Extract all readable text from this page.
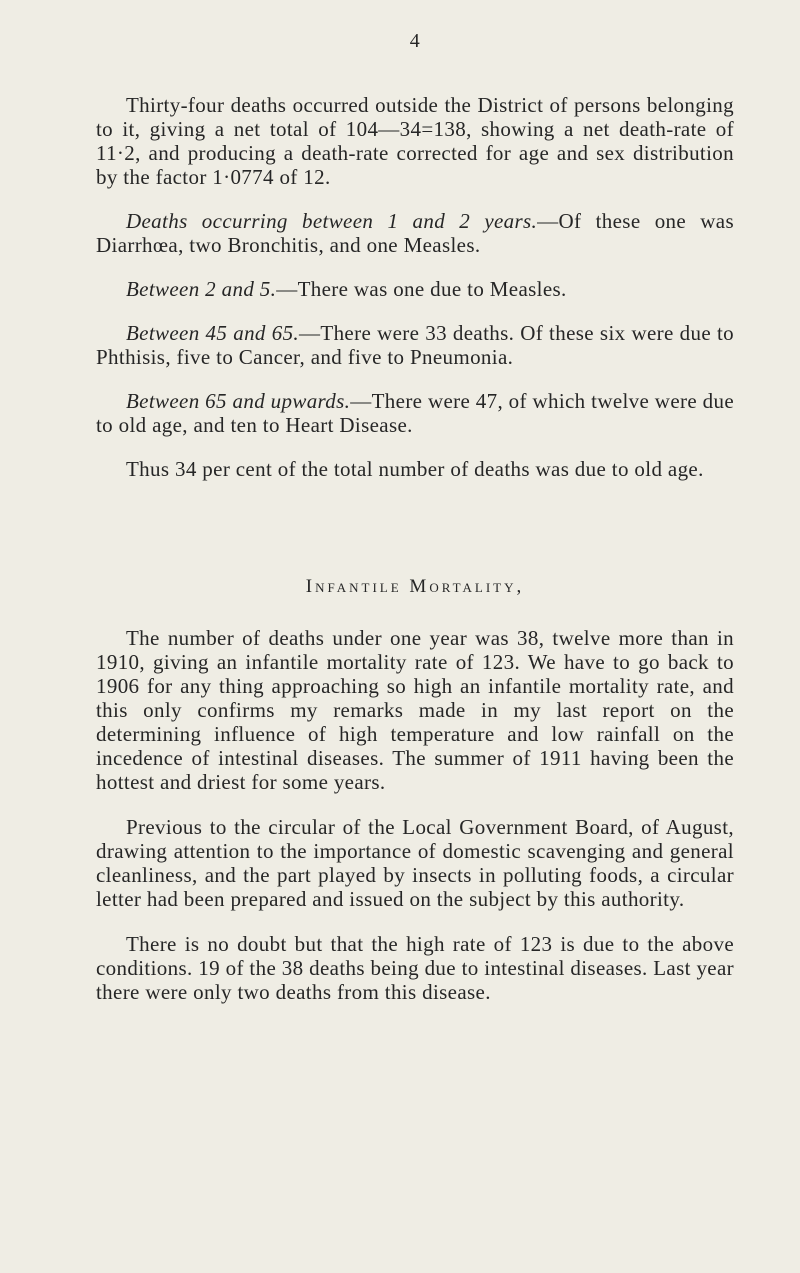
4

Thirty-four deaths occurred outside the District of persons belonging to it, giving a net total of 104—34=138, showing a net death-rate of 11·2, and producing a death-rate corrected for age and sex distribution by the factor 1·0774 of 12.

Deaths occurring between 1 and 2 years.—Of these one was Diarrhœa, two Bronchitis, and one Measles.

Between 2 and 5.—There was one due to Measles.

Between 45 and 65.—There were 33 deaths. Of these six were due to Phthisis, five to Cancer, and five to Pneumonia.

Between 65 and upwards.—There were 47, of which twelve were due to old age, and ten to Heart Disease.

Thus 34 per cent of the total number of deaths was due to old age.

Infantile Mortality,

The number of deaths under one year was 38, twelve more than in 1910, giving an infantile mortality rate of 123. We have to go back to 1906 for any thing approaching so high an infantile mortality rate, and this only confirms my remarks made in my last report on the determining influence of high temperature and low rainfall on the incedence of intestinal diseases. The summer of 1911 having been the hottest and driest for some years.

Previous to the circular of the Local Government Board, of August, drawing attention to the importance of domestic scavenging and general cleanliness, and the part played by insects in polluting foods, a circular letter had been prepared and issued on the subject by this authority.

There is no doubt but that the high rate of 123 is due to the above conditions. 19 of the 38 deaths being due to intestinal diseases. Last year there were only two deaths from this disease.
